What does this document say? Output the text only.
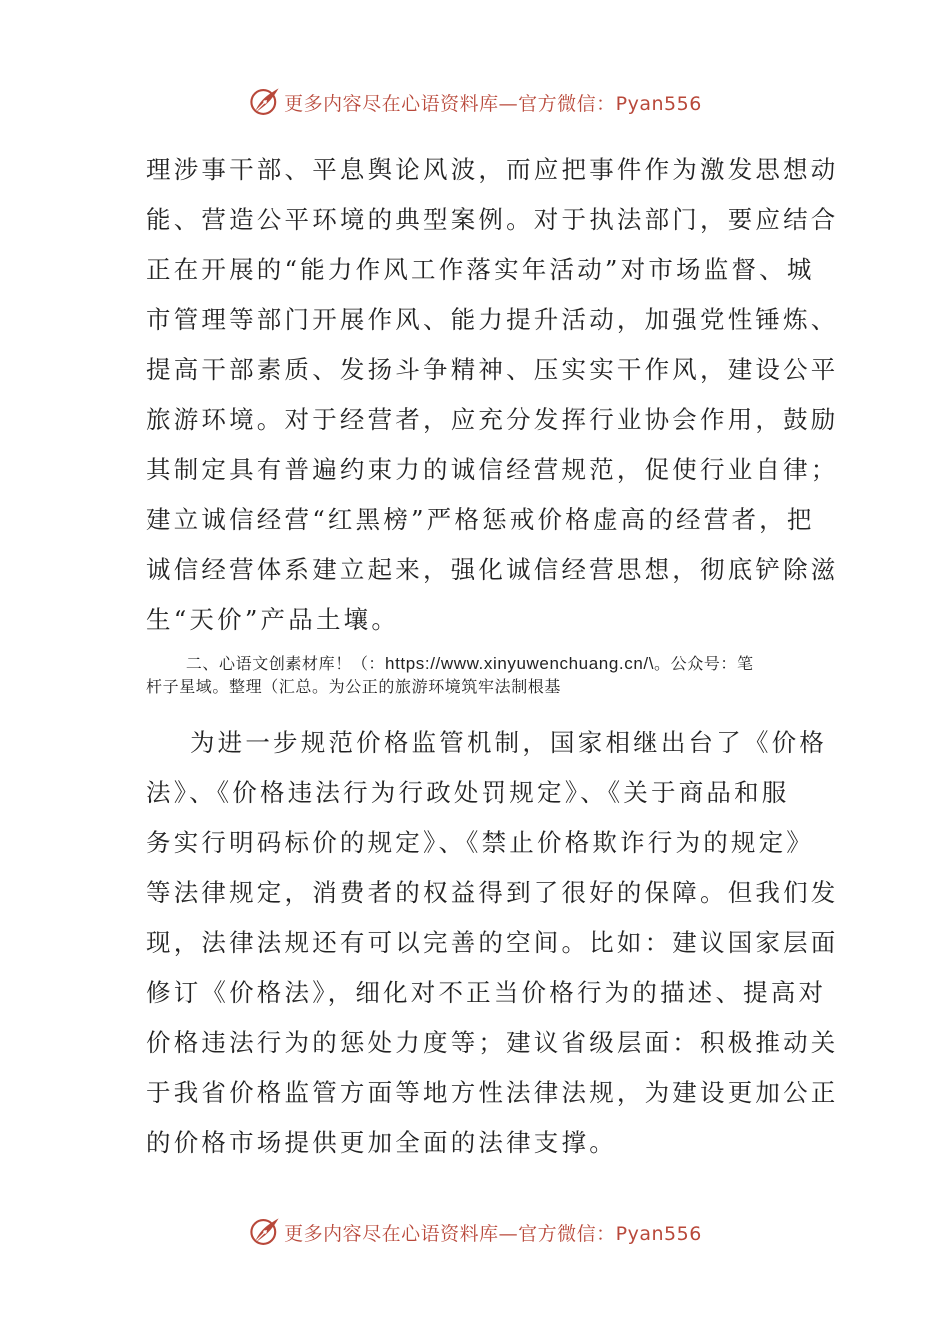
更多内容尽在心语资料库—官方微信：Pyan556
理涉事干部、平息舆论风波，而应把事件作为激发思想动
能、营造公平环境的典型案例。对于执法部门，要应结合
正在开展的“能力作风工作落实年活动”对市场监督、城
市管理等部门开展作风、能力提升活动，加强党性锤炼、
提高干部素质、发扬斗争精神、压实实干作风，建设公平
旅游环境。对于经营者，应充分发挥行业协会作用，鼓励
其制定具有普遍约束力的诚信经营规范，促使行业自律；
建立诚信经营“红黑榜”严格惩戒价格虚高的经营者，把
诚信经营体系建立起来，强化诚信经营思想，彻底铲除滋
生“天价”产品土壤。
二、心语文创素材库！（：https://www.xinyuwenchuang.cn/\。公众号：笔
杆子星域。整理（汇总。为公正的旅游环境筑牢法制根基
为进一步规范价格监管机制，国家相继出台了《价格
法》、《价格违法行为行政处罚规定》、《关于商品和服
务实行明码标价的规定》、《禁止价格欺诈行为的规定》
等法律规定，消费者的权益得到了很好的保障。但我们发
现，法律法规还有可以完善的空间。比如：建议国家层面
修订《价格法》，细化对不正当价格行为的描述、提高对
价格违法行为的惩处力度等；建议省级层面：积极推动关
于我省价格监管方面等地方性法律法规，为建设更加公正
的价格市场提供更加全面的法律支撑。
更多内容尽在心语资料库—官方微信：Pyan556
